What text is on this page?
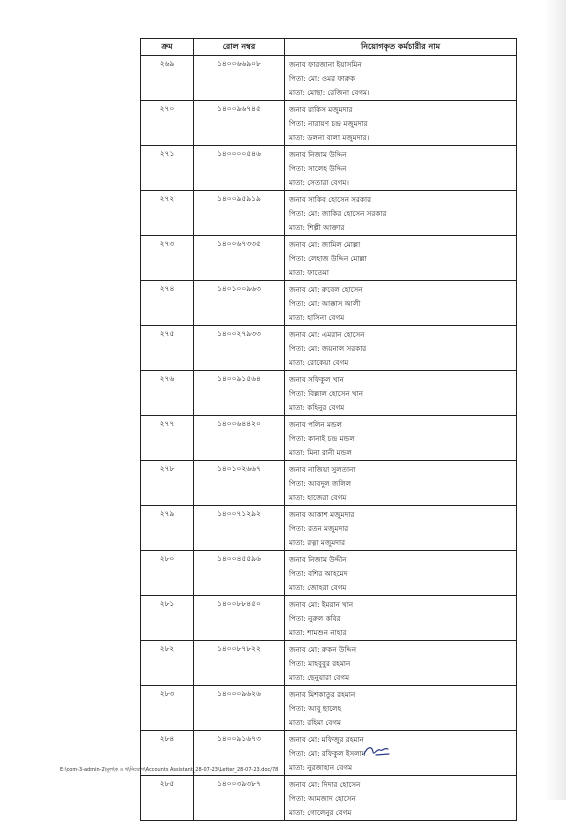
ক্রম	রোল নম্বর	নিয়োগকৃত কর্মচারীর নাম
২৬৯	১৪০০৬৬৯০৮	জনাব ফারজানা ইয়াসমিন
পিতা: মো: ওমর ফারুক
মাতা: মোছা: রেজিনা বেগম।

২৭০	১৪০০৯৬৭৪৫	জনাব রাকিস মজুমদার
পিতা: নারায়ণ চন্দ্র মজুমদার
মাতা: ডলনা বালা মজুমদার।

২৭১	১৪০০০০৫৪৬	জনাব নিজাম উদ্দিন
পিতা: সালেহ উদ্দিন
মাতা: সেতারা বেগম।

২৭২	১৪০০৯৫৯১৯	জনাব সাকিব হোসেন সরকার
পিতা: মো: জাকির হোসেন সরকার
মাতা: শিল্পী আক্তার

২৭৩	১৪০০৬৭৩৩৫	জনাব মো: জামিল মোল্লা
পিতা: লেহাজ উদ্দিন মোল্লা
মাতা: ফাতেমা

২৭৪	১৪০১০০৯৬৩	জনাব মো: রুবেল হোসেন
পিতা: মো: আক্কাস আলী
মাতা: হাসিনা বেগম

২৭৫	১৪০০২৭৯৩৩	জনাব মো: এমরান হোসেন
পিতা: মো: জয়নাল সরকার
মাতা: রোকেয়া বেগম

২৭৬	১৪০০৯১৫৬৪	জনাব সফিকুল খান
পিতা: বিল্লাল হোসেন খান
মাতা: কহিনুর বেগম

২৭৭	১৪০০৬৪৪২০	জনাব পলিন মন্ডল
পিতা: কানাই চন্দ্র মন্ডল
মাতা: মিনা রানী মন্ডল

২৭৮	১৪০১০২৬৬৭	জনাব নাজিয়া সুলতানা
পিতা: আবদুল জলিল
মাতা: হাজেরা বেগম

২৭৯	১৪০০৭১২৯২	জনাব আকাশ মজুমদার
পিতা: রতন মজুমদার
মাতা: রত্না মজুমদার

২৮০	১৪০০৪৫৫৯৬	জনাব নিজাম উদ্দীন
পিতা: বশির আহমেদ
মাতা: জোহরা বেগম

২৮১	১৪০০৮৮৪৫০	জনাব মো: ইমরান খান
পিতা: নুরুল কবির
মাতা: শামশুন নাহার

২৮২	১৪০০৮৭৮২২	জনাব মো: রুকন উদ্দিন
পিতা: মাহবুবুর রহমান
মাতা: ছেনুয়ারা বেগম

২৮৩	১৪০০০৯৬২৬	জনাব মিশকাতুর রহমান
পিতা: আবু ছালেহ
মাতা: রহিমা বেগম

২৮৪	১৪০০৯১৬৭৩	জনাব মো: মফিজুর রহমান
পিতা: মো: রফিকুল ইসলাম
মাতা: নুরজাহান বেগম

২৮৫	১৪০০৩৯৩৮৭	জনাব মো: দিদার হোসেন
পিতা: আমজাদ হোসেন
মাতা: গোলেনুর বেগম
E:\com-3-admin-2\মূল\ক ও খ\নিয়োগ\Accounts Assistant_28-07-23\Letter_28-07-23.doc/78
